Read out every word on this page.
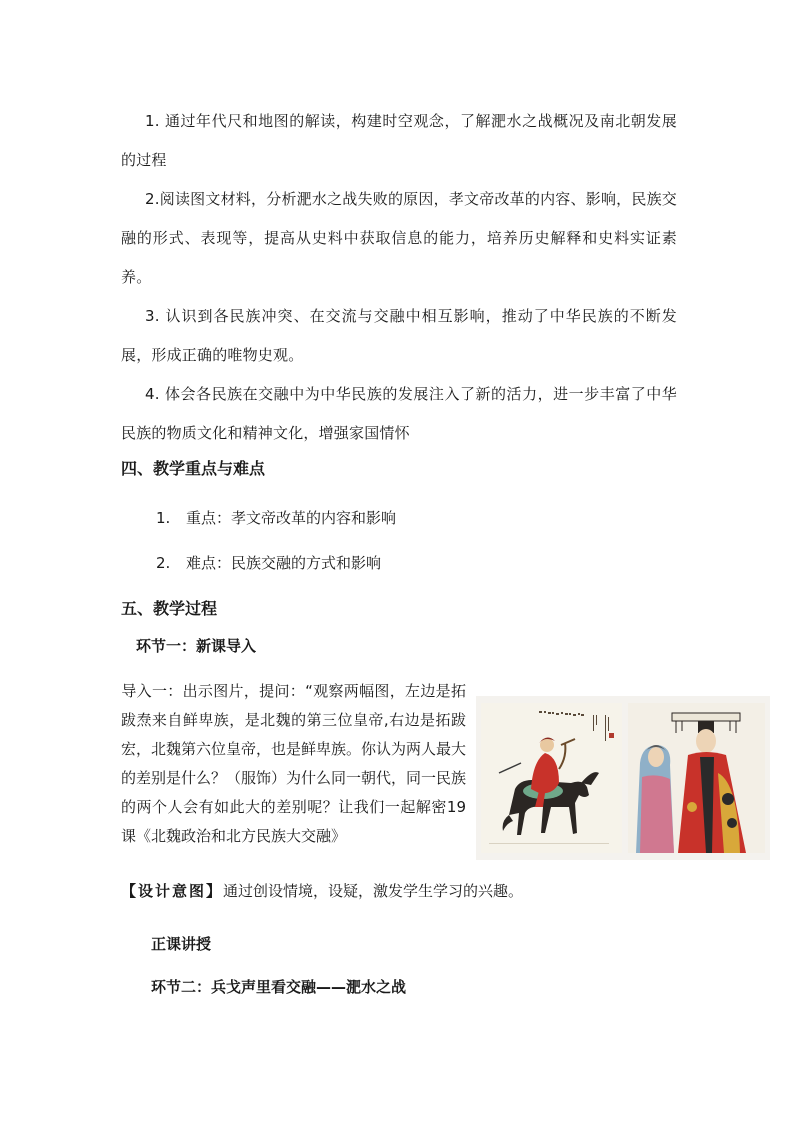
1. 通过年代尺和地图的解读，构建时空观念，了解淝水之战概况及南北朝发展的过程

2.阅读图文材料，分析淝水之战失败的原因，孝文帝改革的内容、影响，民族交融的形式、表现等，提高从史料中获取信息的能力，培养历史解释和史料实证素养。

3. 认识到各民族冲突、在交流与交融中相互影响，推动了中华民族的不断发展，形成正确的唯物史观。

4. 体会各民族在交融中为中华民族的发展注入了新的活力，进一步丰富了中华民族的物质文化和精神文化，增强家国情怀

四、教学重点与难点

1. 重点：孝文帝改革的内容和影响

2. 难点：民族交融的方式和影响

五、教学过程

环节一：新课导入

导入一：出示图片，提问：“观察两幅图，左边是拓跋焘来自鲜卑族，是北魏的第三位皇帝,右边是拓跋宏，北魏第六位皇帝，也是鲜卑族。你认为两人最大的差别是什么？（服饰）为什么同一朝代，同一民族的两个人会有如此大的差别呢？让我们一起解密19课《北魏政治和北方民族大交融》

【设计意图】通过创设情境，设疑，激发学生学习的兴趣。

正课讲授

环节二：兵戈声里看交融——淝水之战
